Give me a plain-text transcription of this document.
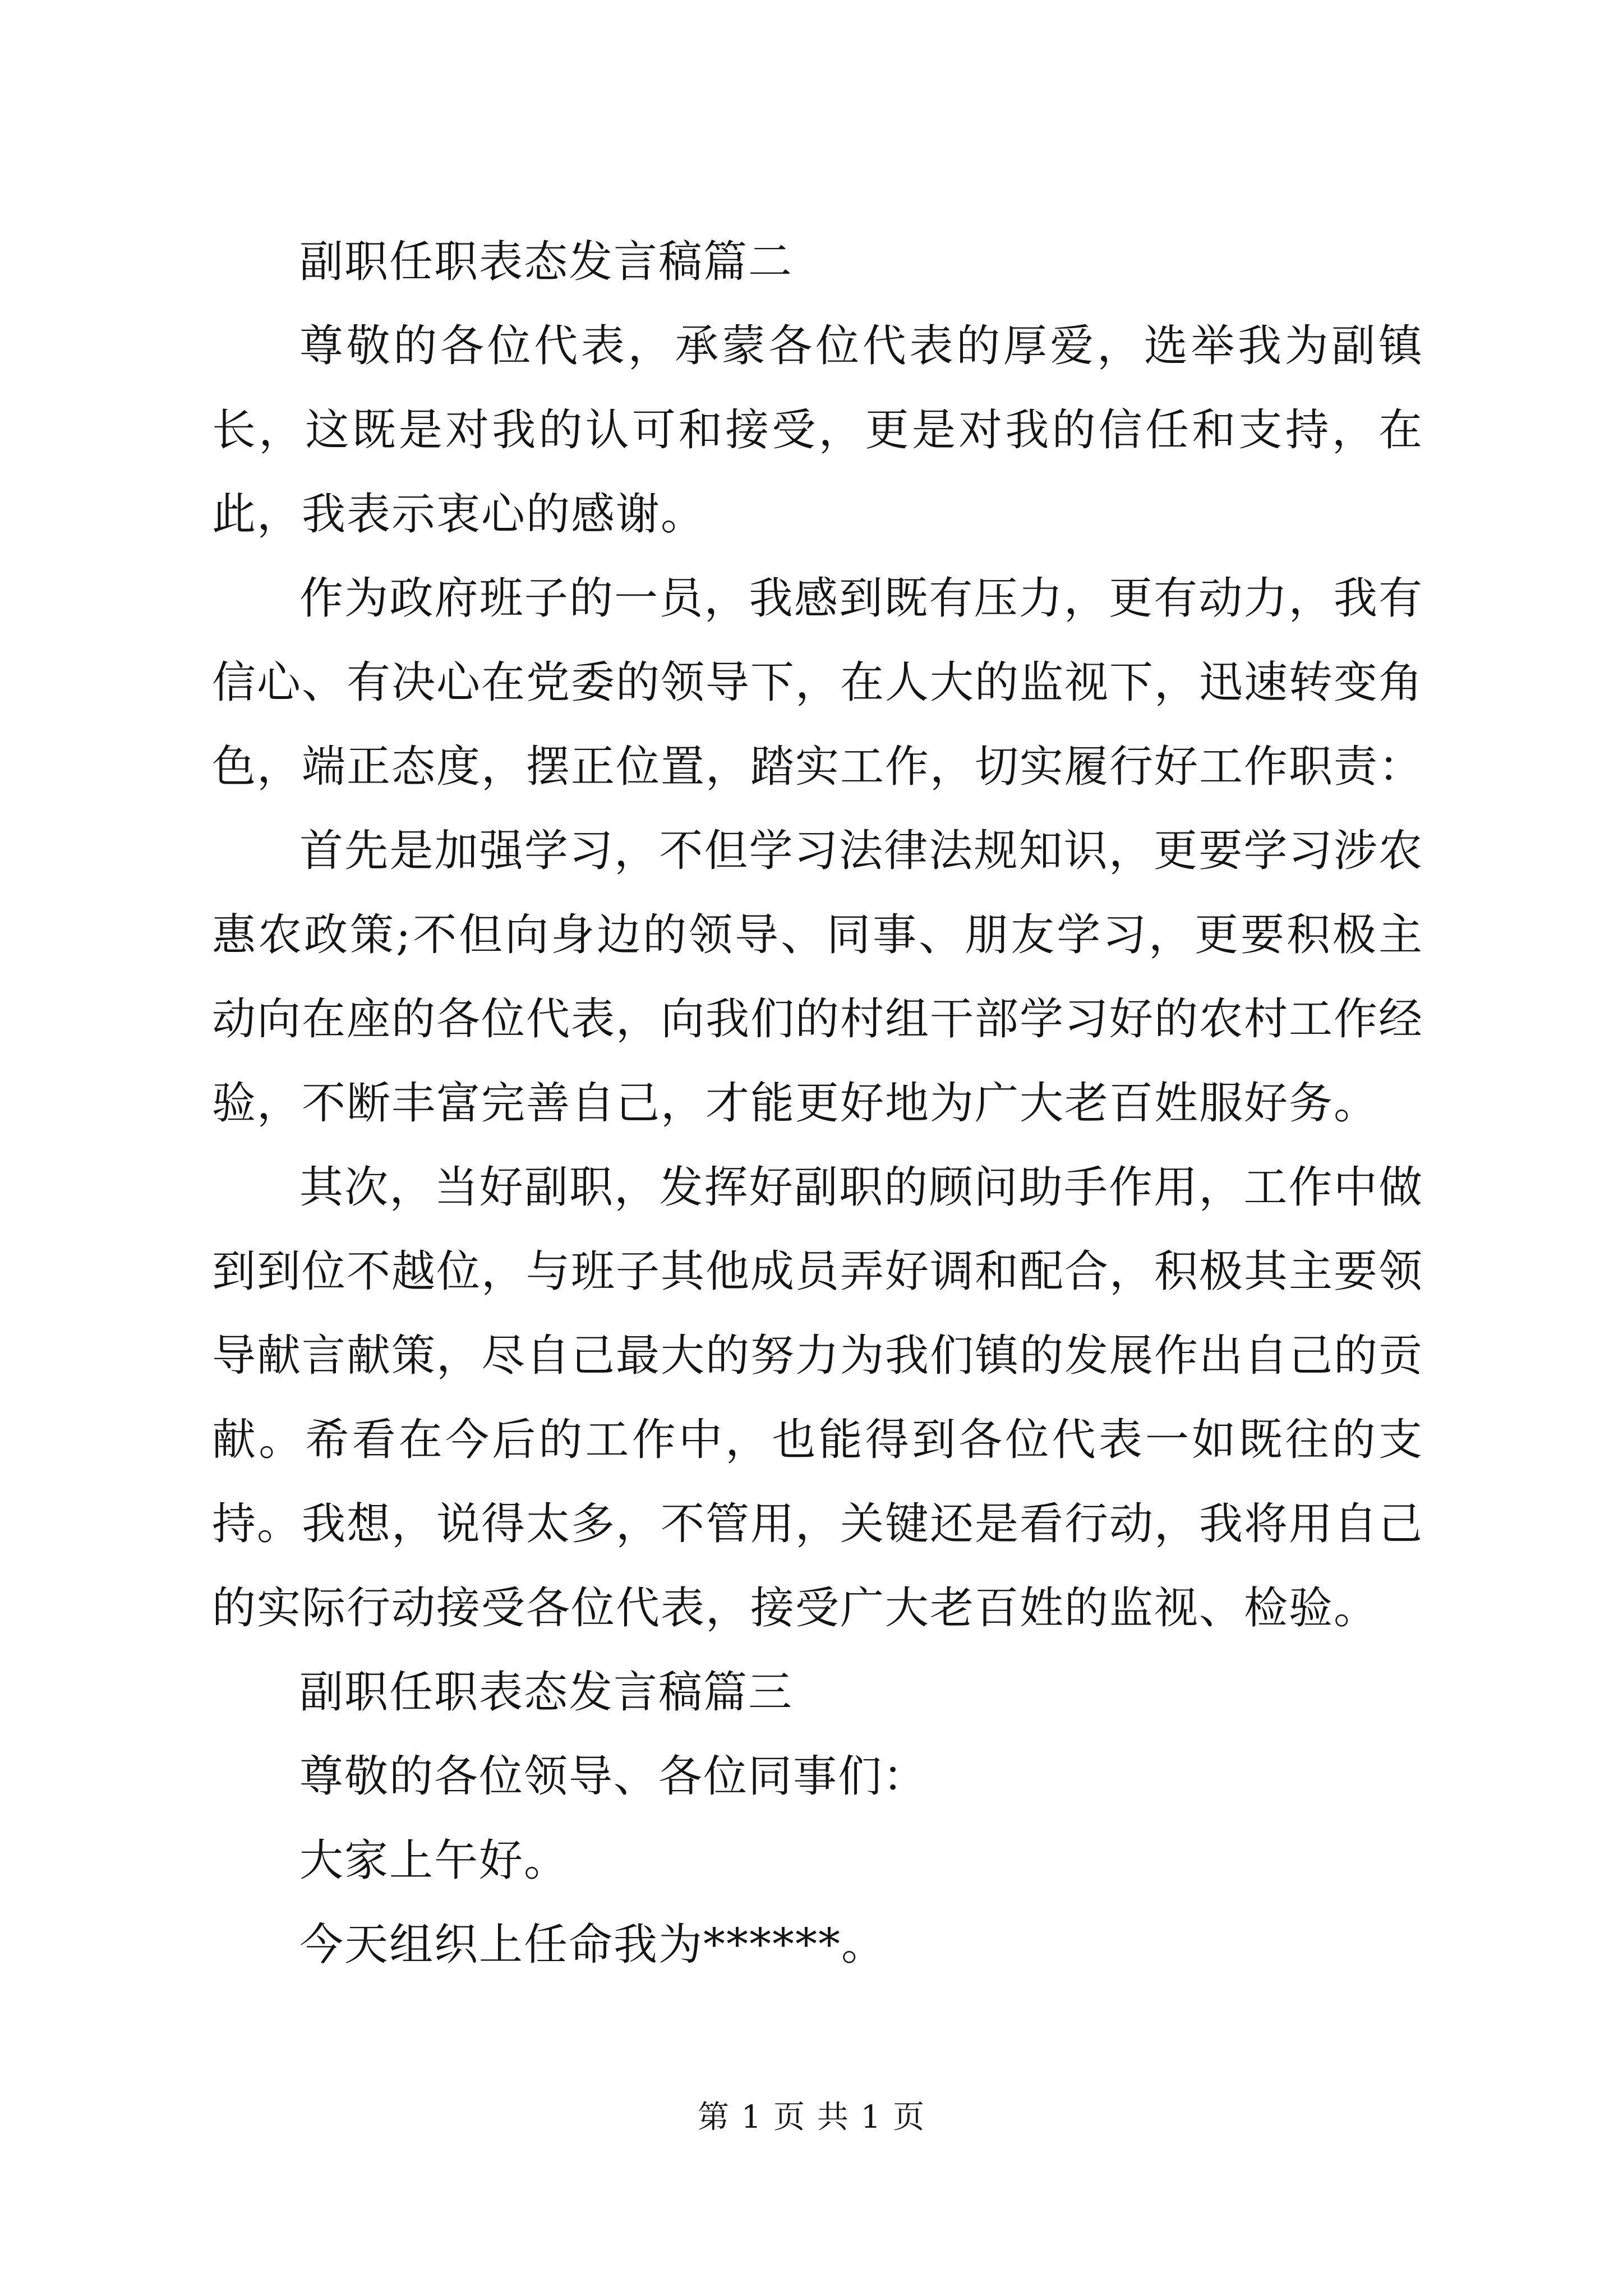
副职任职表态发言稿篇二

尊敬的各位代表，承蒙各位代表的厚爱，选举我为副镇长，这既是对我的认可和接受，更是对我的信任和支持，在此，我表示衷心的感谢。

作为政府班子的一员，我感到既有压力，更有动力，我有信心、有决心在党委的领导下，在人大的监视下，迅速转变角色，端正态度，摆正位置，踏实工作，切实履行好工作职责：

首先是加强学习，不但学习法律法规知识，更要学习涉农惠农政策;不但向身边的领导、同事、朋友学习，更要积极主动向在座的各位代表，向我们的村组干部学习好的农村工作经验，不断丰富完善自己，才能更好地为广大老百姓服好务。

其次，当好副职，发挥好副职的顾问助手作用，工作中做到到位不越位，与班子其他成员弄好调和配合，积极其主要领导献言献策，尽自己最大的努力为我们镇的发展作出自己的贡献。希看在今后的工作中，也能得到各位代表一如既往的支持。我想，说得太多，不管用，关键还是看行动，我将用自己的实际行动接受各位代表，接受广大老百姓的监视、检验。

副职任职表态发言稿篇三

尊敬的各位领导、各位同事们：

大家上午好。

今天组织上任命我为******。

第 1 页 共 1 页
